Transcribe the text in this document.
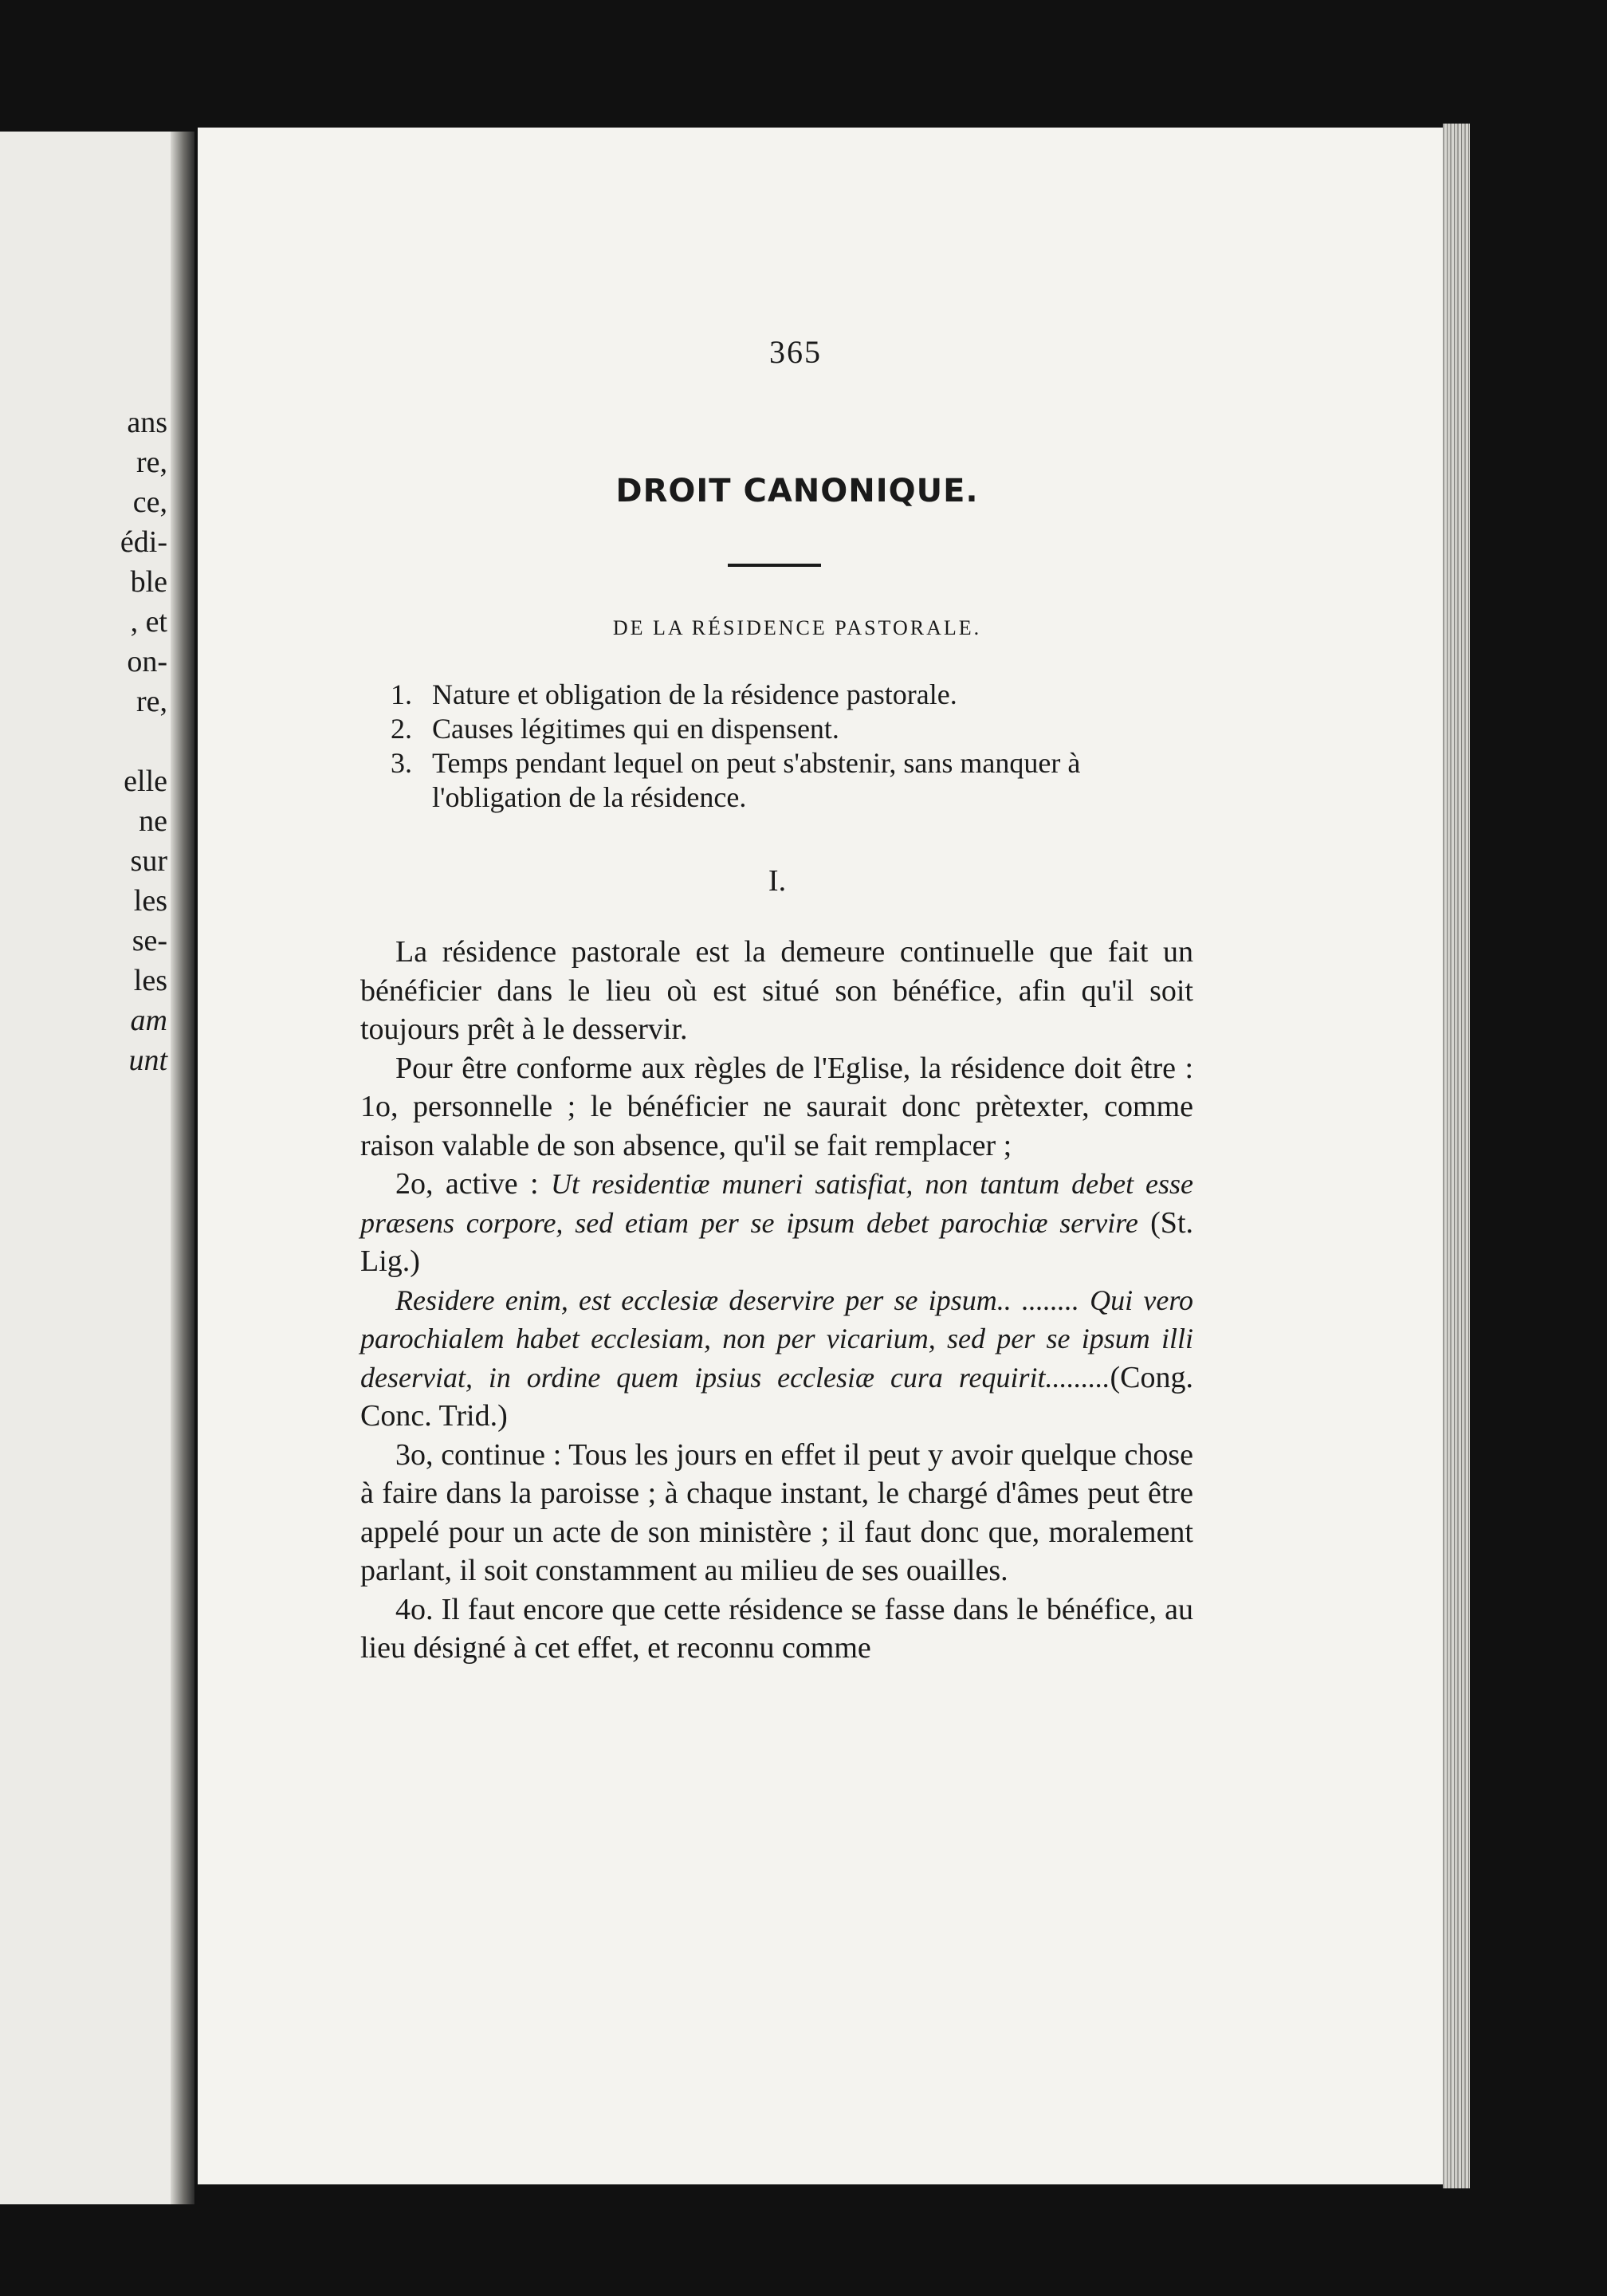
ans
re,
ce,
édi-
ble
, et
on-
re,
elle
ne
sur
les
se-
les
am
unt
365
DROIT CANONIQUE.
DE LA RÉSIDENCE PASTORALE.
1. Nature et obligation de la résidence pastorale.
2. Causes légitimes qui en dispensent.
3. Temps pendant lequel on peut s'abstenir, sans manquer à l'obligation de la résidence.
I.

La résidence pastorale est la demeure continuelle que fait un bénéficier dans le lieu où est situé son bénéfice, afin qu'il soit toujours prêt à le desservir.

Pour être conforme aux règles de l'Eglise, la résidence doit être : 1o, personnelle ; le bénéficier ne saurait donc prètexter, comme raison valable de son absence, qu'il se fait remplacer ;

2o, active : Ut residentiæ muneri satisfiat, non tantum debet esse præsens corpore, sed etiam per se ipsum debet parochiæ servire (St. Lig.)

Residere enim, est ecclesiæ deservire per se ipsum.. ........ Qui vero parochialem habet ecclesiam, non per vicarium, sed per se ipsum illi deserviat, in ordine quem ipsius ecclesiæ cura requirit.........(Cong. Conc. Trid.)

3o, continue : Tous les jours en effet il peut y avoir quelque chose à faire dans la paroisse ; à chaque instant, le chargé d'âmes peut être appelé pour un acte de son ministère ; il faut donc que, moralement parlant, il soit constamment au milieu de ses ouailles.

4o. Il faut encore que cette résidence se fasse dans le bénéfice, au lieu désigné à cet effet, et reconnu comme
